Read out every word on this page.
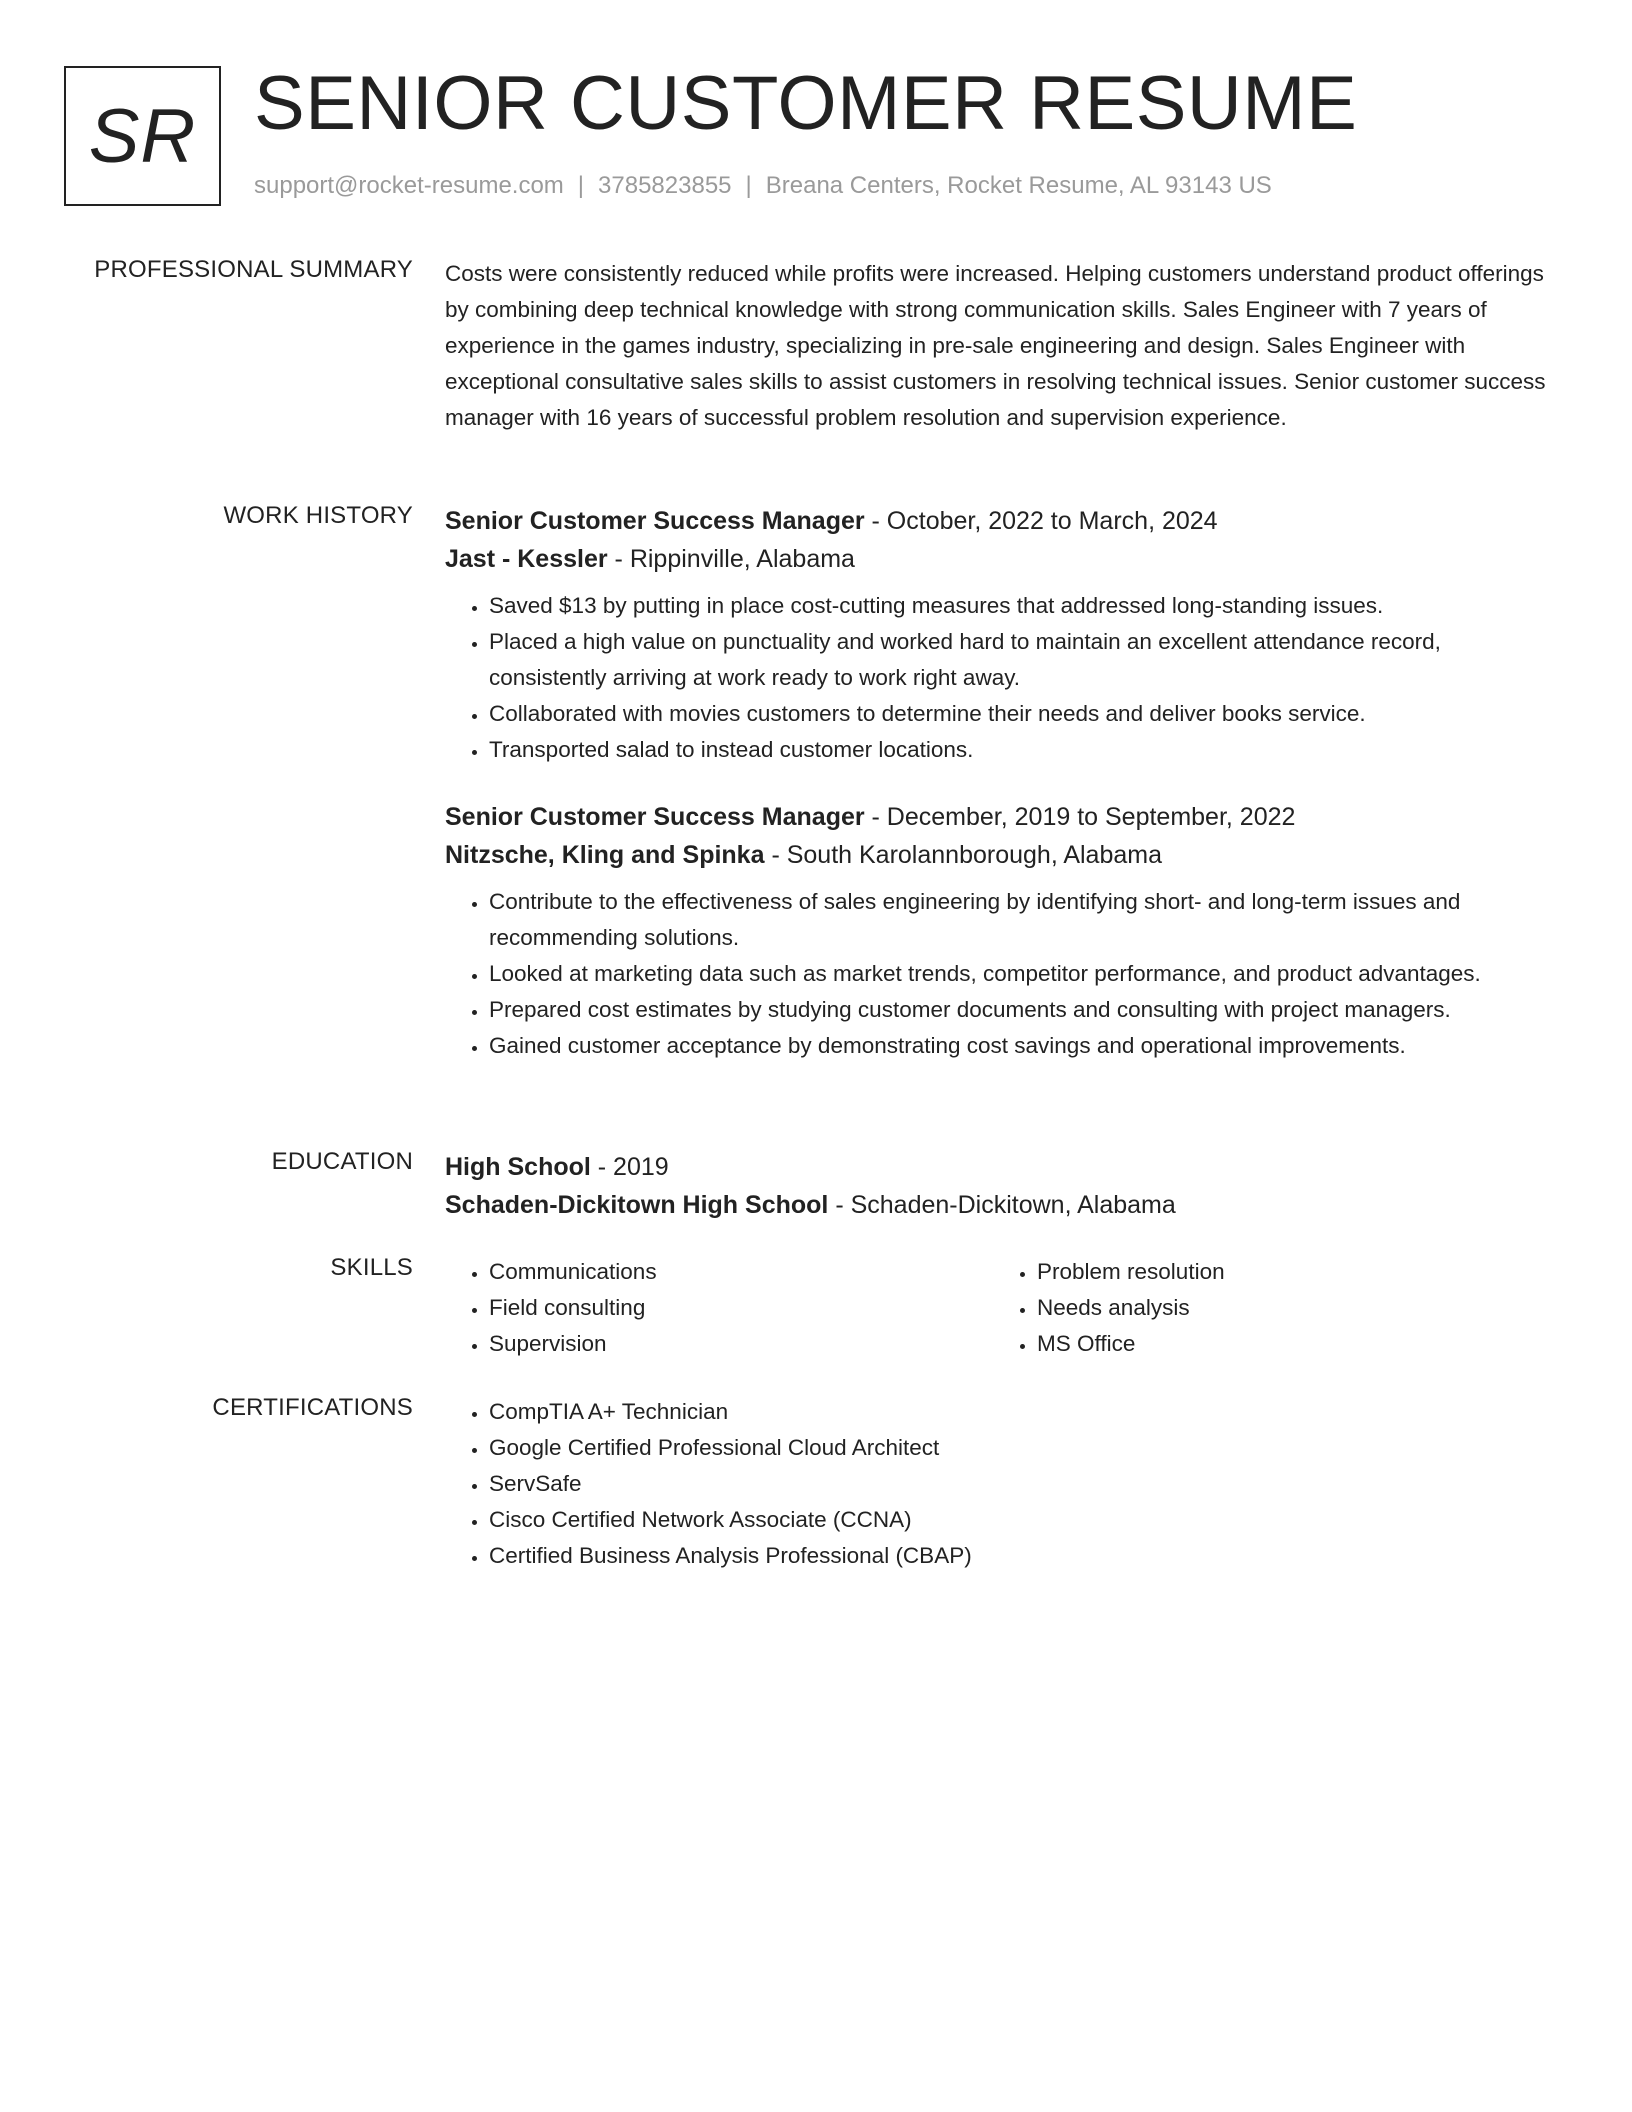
SR SENIOR CUSTOMER RESUME
support@rocket-resume.com | 3785823855 | Breana Centers, Rocket Resume, AL 93143 US
PROFESSIONAL SUMMARY Costs were consistently reduced while profits were increased. Helping customers understand product offerings by combining deep technical knowledge with strong communication skills. Sales Engineer with 7 years of experience in the games industry, specializing in pre-sale engineering and design. Sales Engineer with exceptional consultative sales skills to assist customers in resolving technical issues. Senior customer success manager with 16 years of successful problem resolution and supervision experience.

WORK HISTORY Senior Customer Success Manager - October, 2022 to March, 2024
Jast - Kessler - Rippinville, Alabama
• Saved $13 by putting in place cost-cutting measures that addressed long-standing issues.
• Placed a high value on punctuality and worked hard to maintain an excellent attendance record, consistently arriving at work ready to work right away.
• Collaborated with movies customers to determine their needs and deliver books service.
• Transported salad to instead customer locations.
Senior Customer Success Manager - December, 2019 to September, 2022
Nitzsche, Kling and Spinka - South Karolannborough, Alabama
• Contribute to the effectiveness of sales engineering by identifying short- and long-term issues and recommending solutions.
• Looked at marketing data such as market trends, competitor performance, and product advantages.
• Prepared cost estimates by studying customer documents and consulting with project managers.
• Gained customer acceptance by demonstrating cost savings and operational improvements.
EDUCATION High School - 2019
Schaden-Dickitown High School - Schaden-Dickitown, Alabama
SKILLS	• Communications
• Field consulting
• Supervision
• Problem resolution
• Needs analysis
• MS Office
CERTIFICATIONS	• CompTIA A+ Technician
• Google Certified Professional Cloud Architect
• ServSafe
• Cisco Certified Network Associate (CCNA)
• Certified Business Analysis Professional (CBAP)
